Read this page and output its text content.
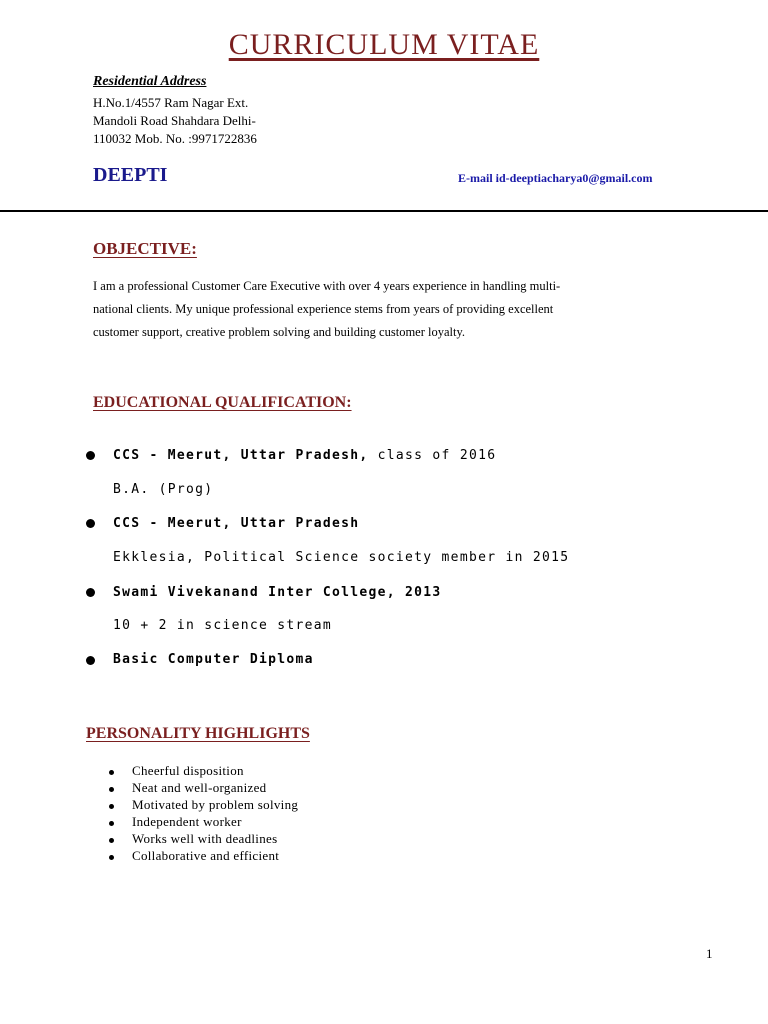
CURRICULUM VITAE
Residential Address
H.No.1/4557 Ram Nagar Ext.
Mandoli Road Shahdara Delhi-
110032 Mob. No. :9971722836
DEEPTI	E-mail id-deeptiacharya0@gmail.com
OBJECTIVE:
I am a professional Customer Care Executive with over 4 years experience in handling multi-
national clients. My unique professional experience stems from years of providing excellent
customer support, creative problem solving and building customer loyalty.
EDUCATIONAL QUALIFICATION:
CCS - Meerut, Uttar Pradesh, class of 2016
B.A. (Prog)
CCS - Meerut, Uttar Pradesh
Ekklesia, Political Science society member in 2015
Swami Vivekanand Inter College, 2013
10 + 2 in science stream
Basic Computer Diploma
PERSONALITY HIGHLIGHTS
Cheerful disposition
Neat and well-organized
Motivated by problem solving
Independent worker
Works well with deadlines
Collaborative and efficient
1
